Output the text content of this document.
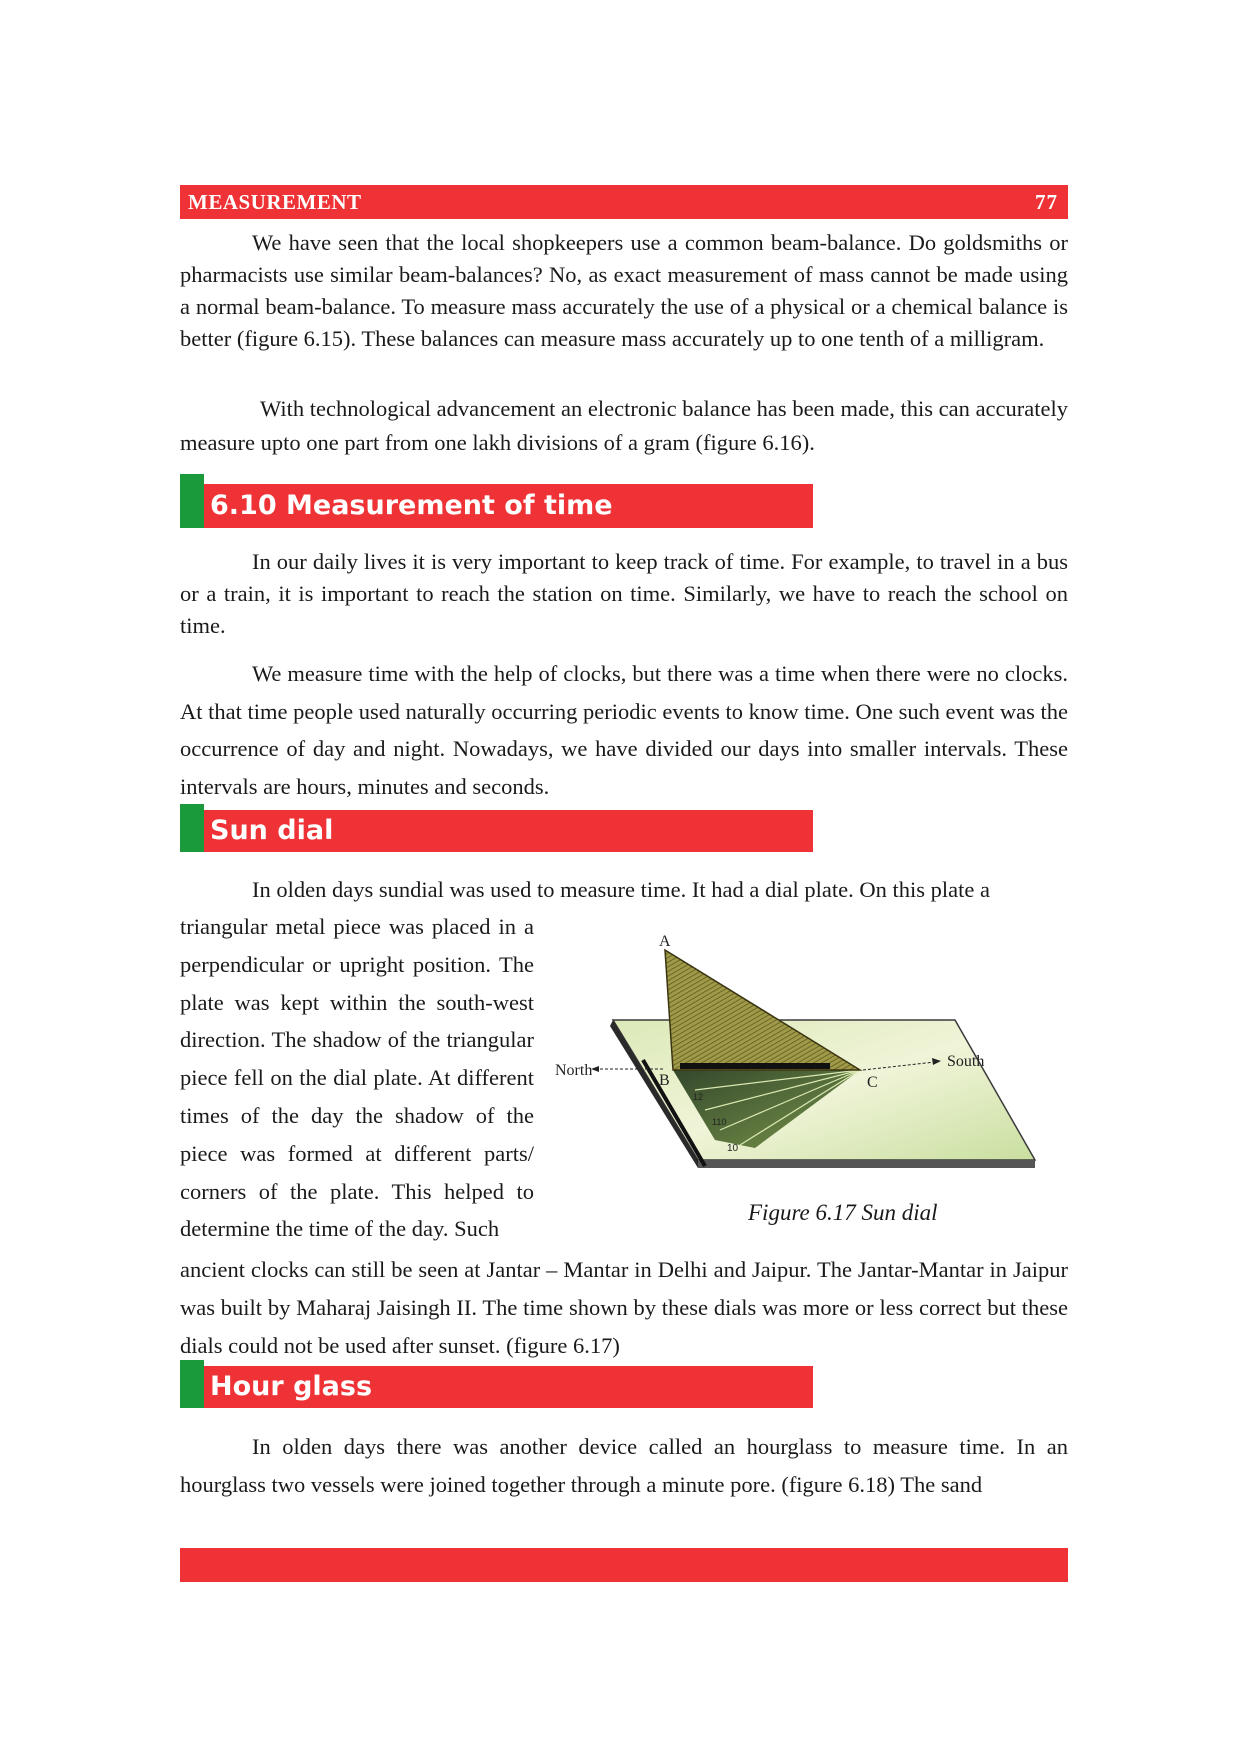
MEASUREMENT	77

We have seen that the local shopkeepers use a common beam-balance. Do goldsmiths or pharmacists use similar beam-balances? No, as exact measurement of mass cannot be made using a normal beam-balance. To measure mass accurately the use of a physical or a chemical balance is better (figure 6.15). These balances can measure mass accurately up to one tenth of a milligram.

With technological advancement an electronic balance has been made, this can accurately measure upto one part from one lakh divisions of a gram (figure 6.16).

6.10 Measurement of time

In our daily lives it is very important to keep track of time. For example, to travel in a bus or a train, it is important to reach the station on time. Similarly, we have to reach the school on time.

We measure time with the help of clocks, but there was a time when there were no clocks. At that time people used naturally occurring periodic events to know time. One such event was the occurrence of day and night. Nowadays, we have divided our days into smaller intervals. These intervals are hours, minutes and seconds.

Sun dial

In olden days sundial was used to measure time. It had a dial plate. On this plate a

triangular metal piece was placed in a perpendicular or upright position. The plate was kept within the south-west direction. The shadow of the triangular piece fell on the dial plate. At different times of the day the shadow of the piece was formed at different parts/ corners of the plate. This helped to determine the time of the day. Such

A
B	C
North
South
12
110
10
Figure 6.17 Sun dial

ancient clocks can still be seen at Jantar – Mantar in Delhi and Jaipur. The Jantar-Mantar in Jaipur was built by Maharaj Jaisingh II. The time shown by these dials was more or less correct but these dials could not be used after sunset. (figure 6.17)

Hour glass

In olden days there was another device called an hourglass to measure time. In an hourglass two vessels were joined together through a minute pore. (figure 6.18) The sand
